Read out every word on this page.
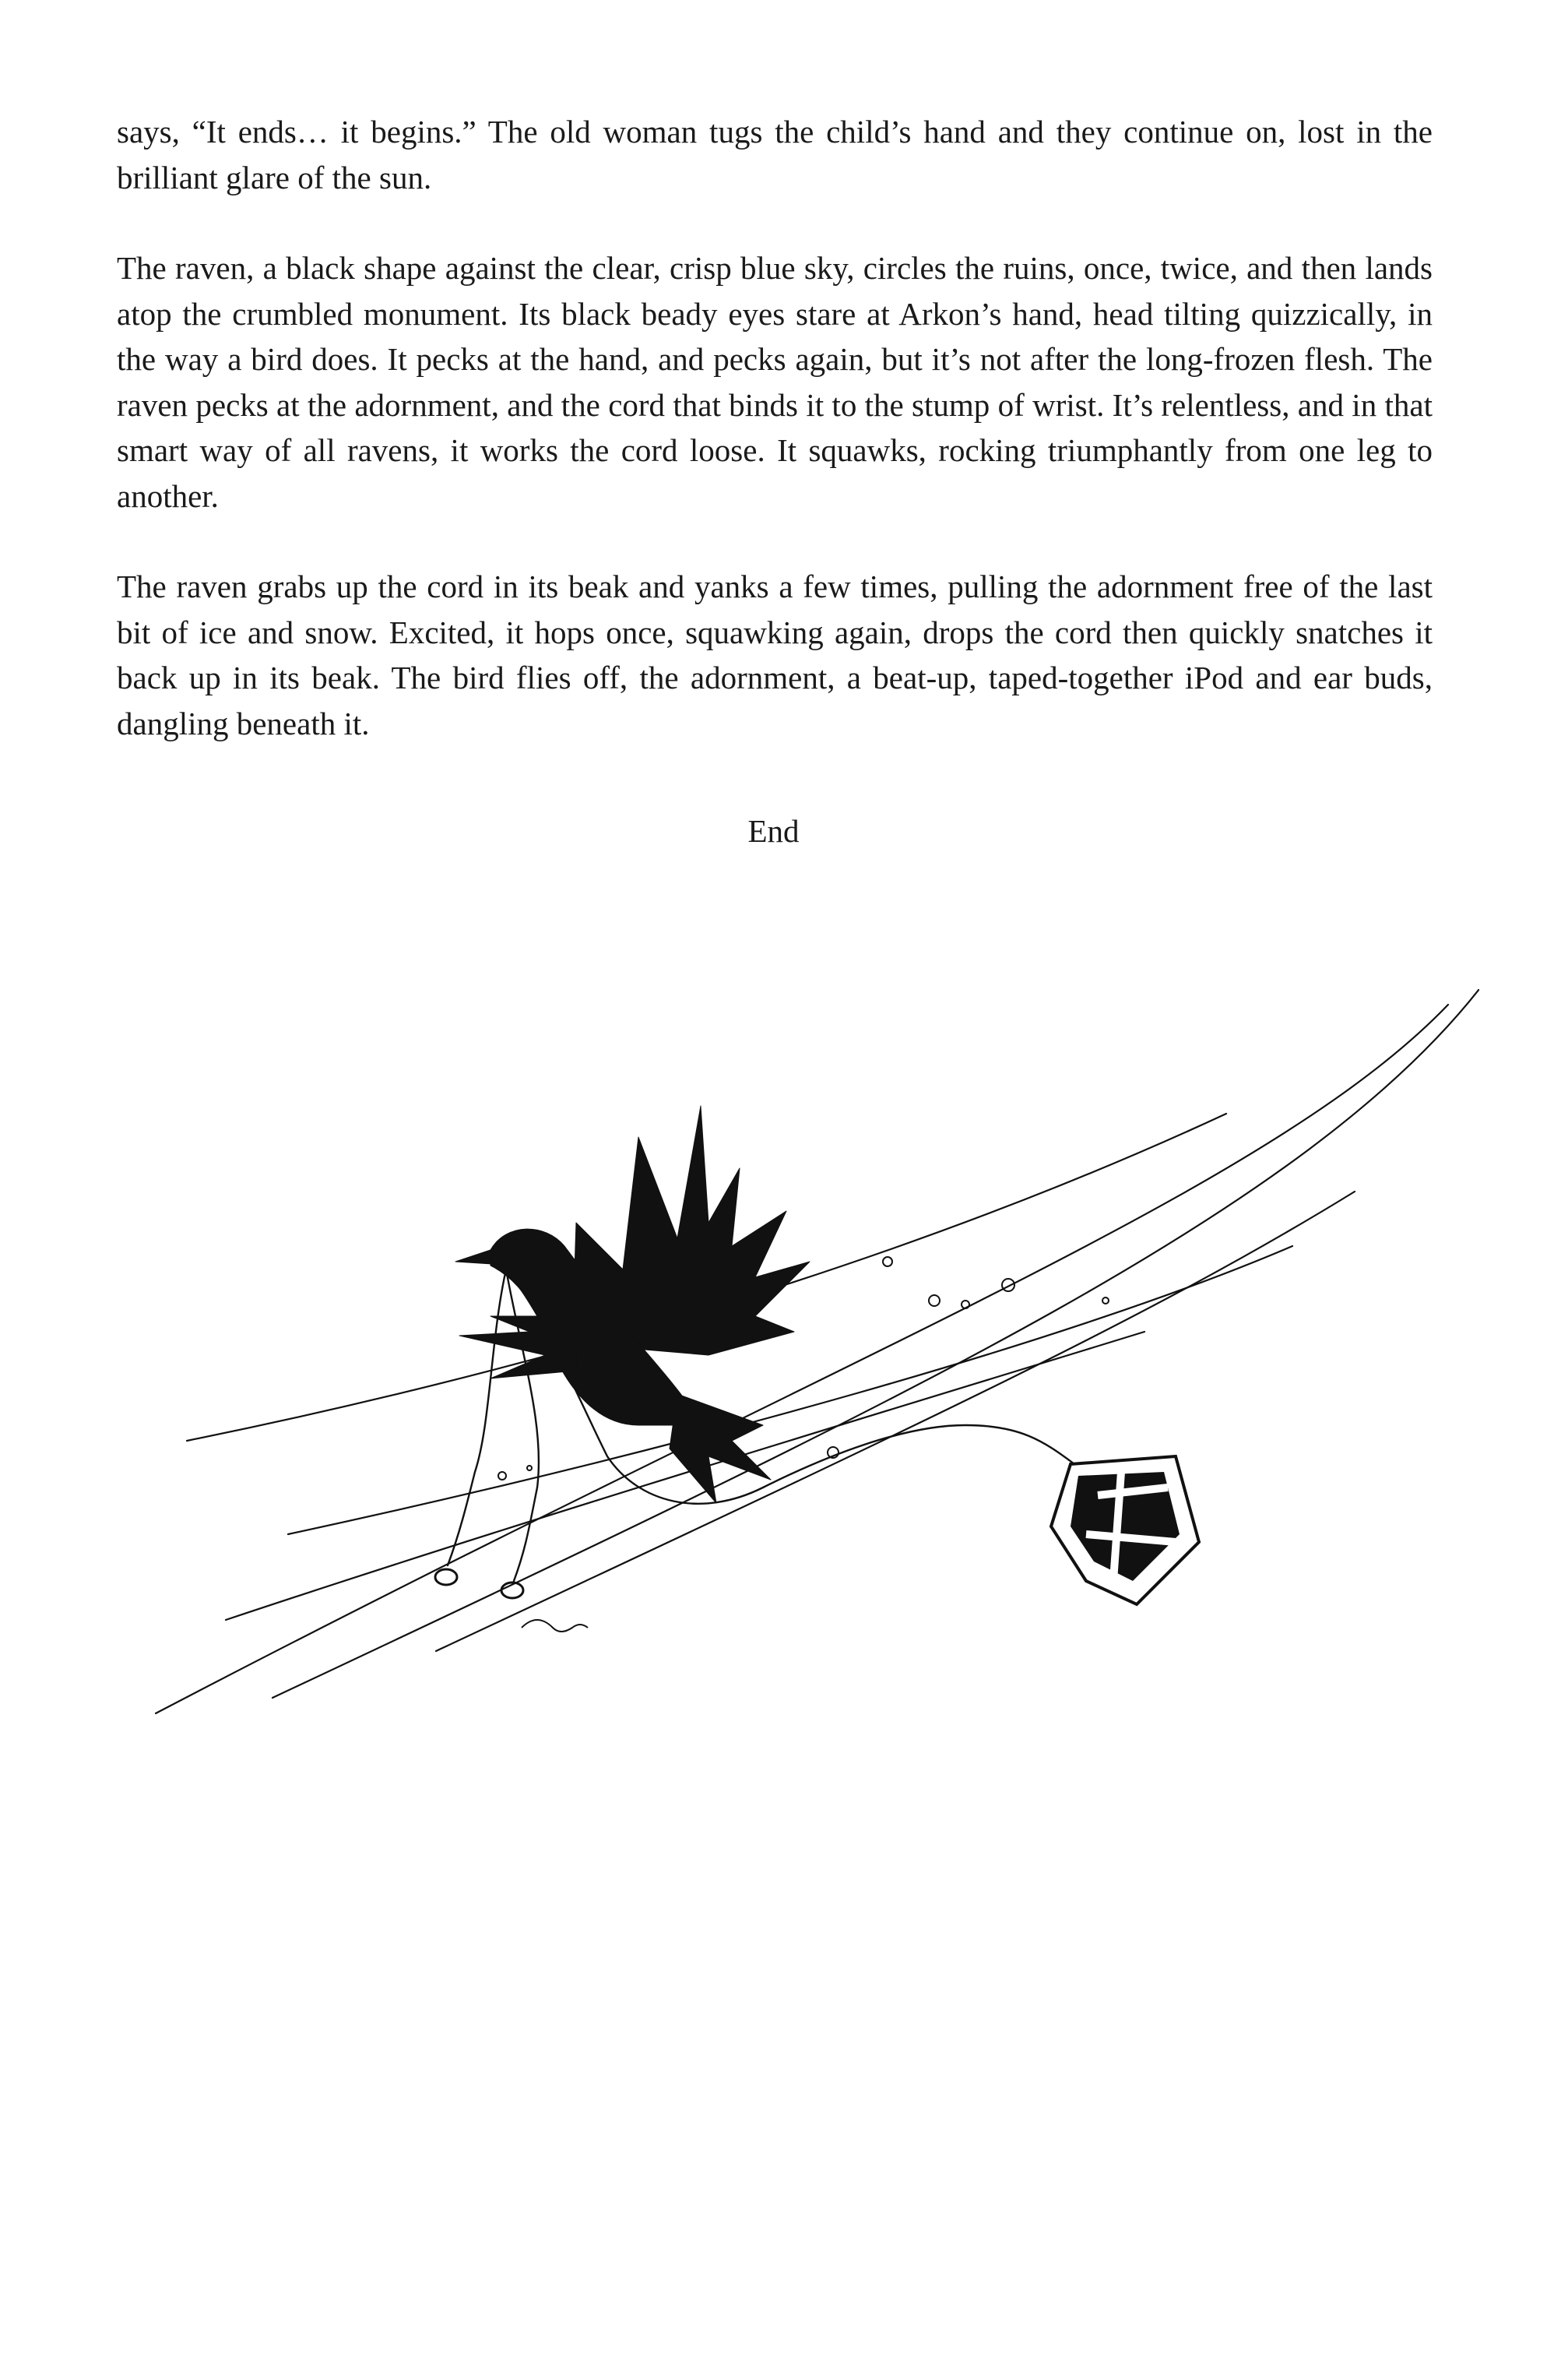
says, “It ends… it begins.” The old woman tugs the child’s hand and they continue on, lost in the brilliant glare of the sun.

The raven, a black shape against the clear, crisp blue sky, circles the ruins, once, twice, and then lands atop the crumbled monument. Its black beady eyes stare at Arkon’s hand, head tilting quizzically, in the way a bird does. It pecks at the hand, and pecks again, but it’s not after the long-frozen flesh. The raven pecks at the adornment, and the cord that binds it to the stump of wrist. It’s relentless, and in that smart way of all ravens, it works the cord loose. It squawks, rocking triumphantly from one leg to another.

The raven grabs up the cord in its beak and yanks a few times, pulling the adornment free of the last bit of ice and snow. Excited, it hops once, squawking again, drops the cord then quickly snatches it back up in its beak. The bird flies off, the adornment, a beat-up, taped-together iPod and ear buds, dangling beneath it.

End
